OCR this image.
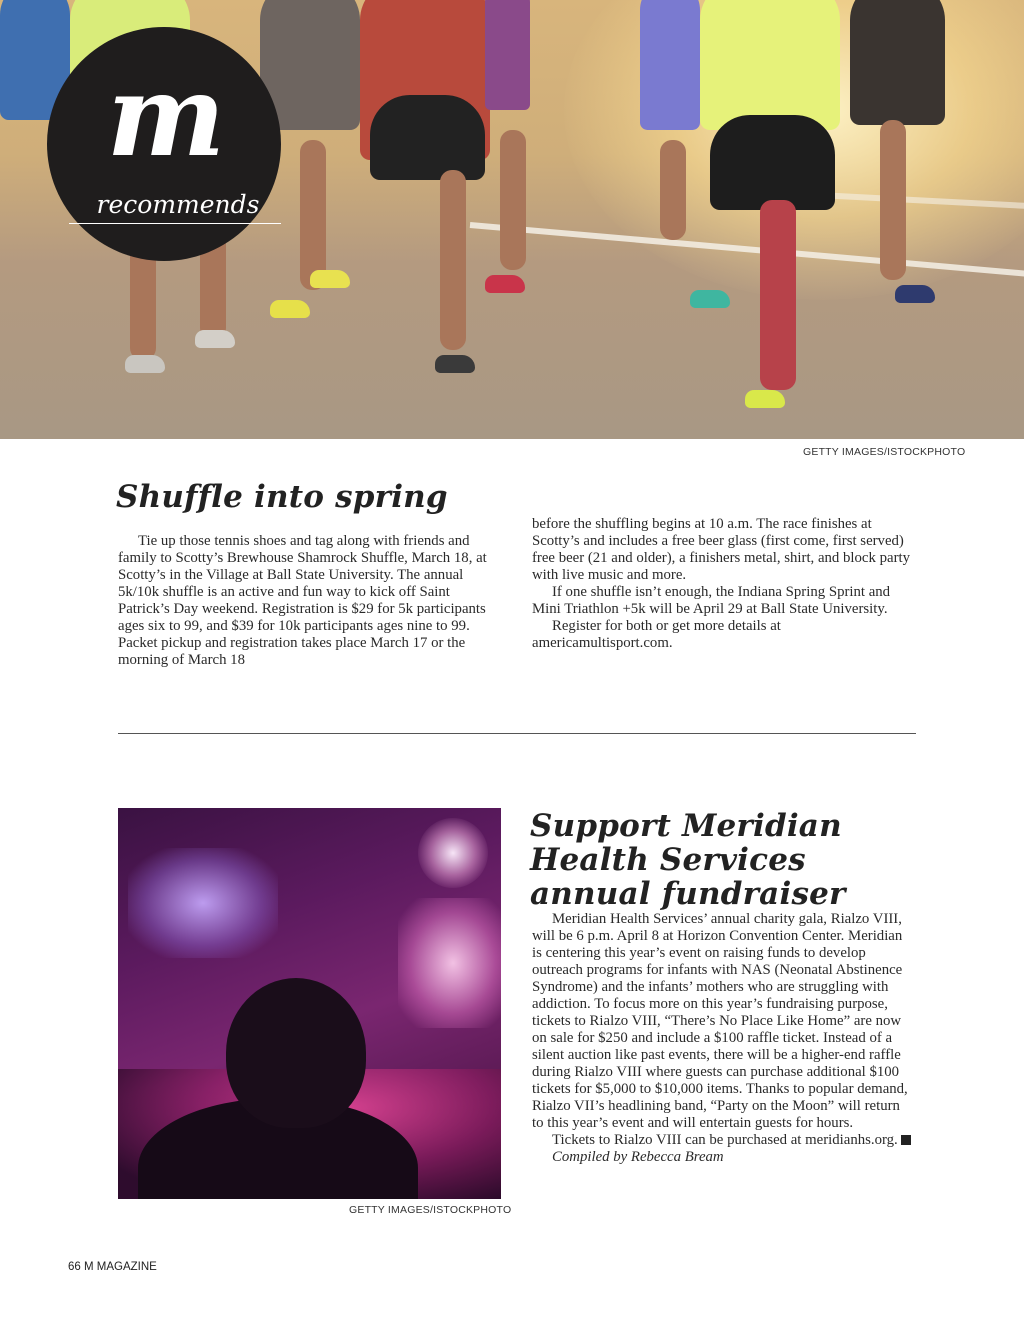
m
recommends
GETTY IMAGES/ISTOCKPHOTO
Shuffle into spring

Tie up those tennis shoes and tag along with friends and family to Scotty’s Brewhouse Shamrock Shuffle, March 18, at Scotty’s in the Village at Ball State University. The annual 5k/10k shuffle is an active and fun way to kick off Saint Patrick’s Day weekend. Registration is $29 for 5k participants ages six to 99, and $39 for 10k participants ages nine to 99. Packet pickup and registration takes place March 17 or the morning of March 18

before the shuffling begins at 10 a.m. The race finishes at Scotty’s and includes a free beer glass (first come, first served) free beer (21 and older), a finishers metal, shirt, and block party with live music and more.

If one shuffle isn’t enough, the Indiana Spring Sprint and Mini Triathlon +5k will be April 29 at Ball State University.

Register for both or get more details at americamultisport.com.

GETTY IMAGES/ISTOCKPHOTO
Support Meridian Health Services annual fundraiser

Meridian Health Services’ annual charity gala, Rialzo VIII, will be 6 p.m. April 8 at Horizon Convention Center. Meridian is centering this year’s event on raising funds to develop outreach programs for infants with NAS (Neonatal Abstinence Syndrome) and the infants’ mothers who are struggling with addiction. To focus more on this year’s fundraising purpose, tickets to Rialzo VIII, “There’s No Place Like Home” are now on sale for $250 and include a $100 raffle ticket. Instead of a silent auction like past events, there will be a higher-end raffle during Rialzo VIII where guests can purchase additional $100 tickets for $5,000 to $10,000 items. Thanks to popular demand, Rialzo VII’s headlining band, “Party on the Moon” will return to this year’s event and will entertain guests for hours.

Tickets to Rialzo VIII can be purchased at meridianhs.org.

Compiled by Rebecca Bream

66 M MAGAZINE
